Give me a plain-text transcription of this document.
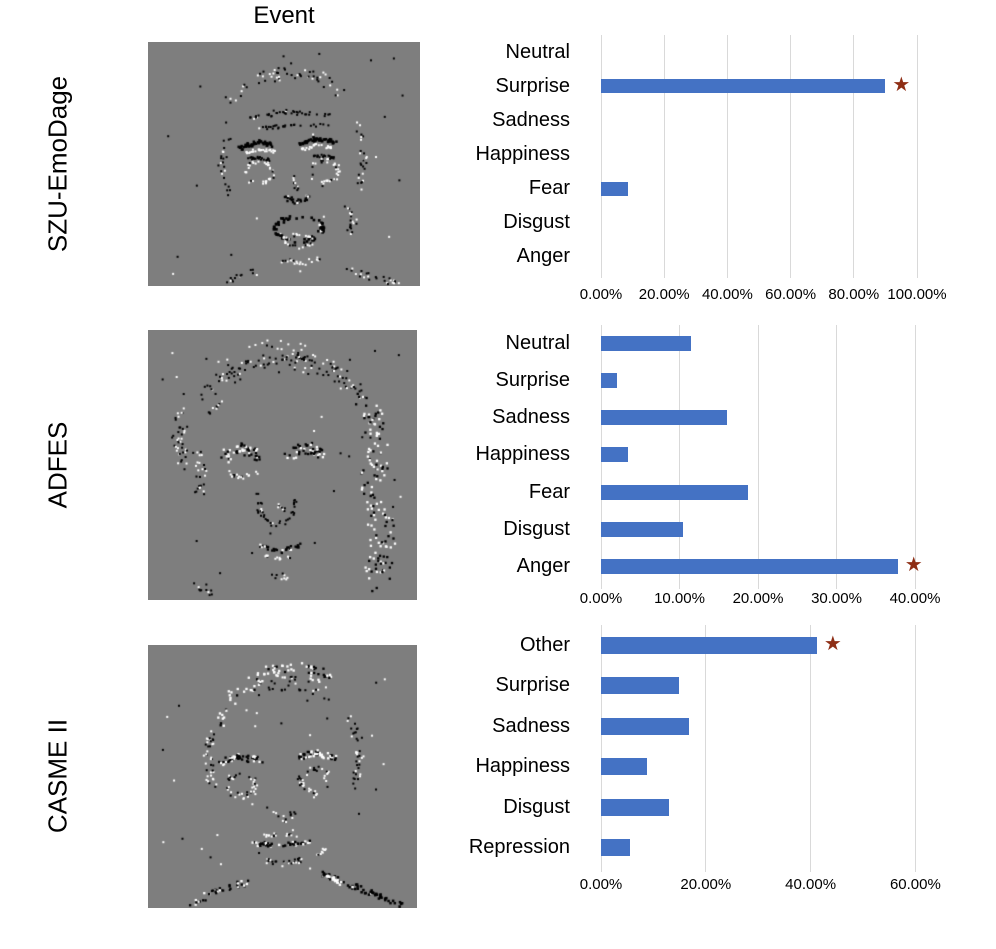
Event
SZU-EmoDage
ADFES
CASME II
Neutral
Surprise
Sadness
Happiness
Fear
Disgust
Anger
★
0.00% 20.00% 40.00% 60.00% 80.00% 100.00%
Neutral
Surprise
Sadness
Happiness
Fear
Disgust
Anger	★
0.00% 10.00% 20.00% 30.00% 40.00%
Other
Surprise
Sadness
Happiness
Disgust
Repression
★
0.00%	20.00%	40.00%	60.00%
